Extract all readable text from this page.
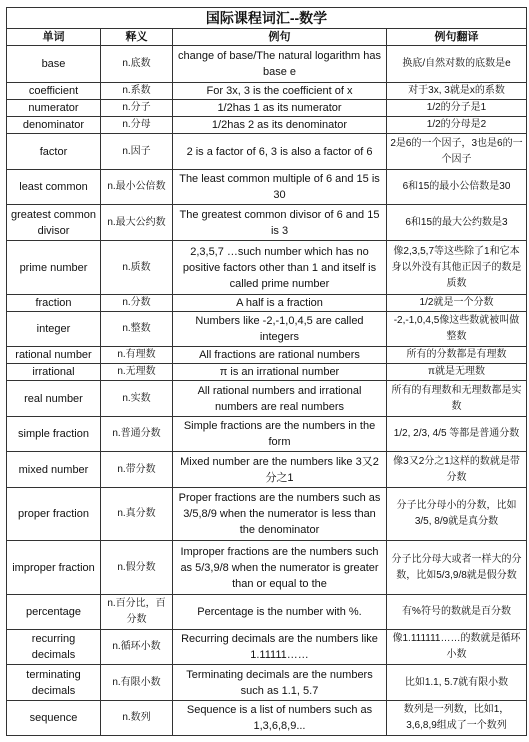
国际课程词汇--数学			
单词	释义	例句	例句翻译
base	n.底数	change of base/The natural logarithm has base e	换底/自然对数的底数是e
coefficient	n.系数	For 3x, 3 is the coefficient of x	对于3x, 3就是x的系数
numerator	n.分子	1/2has 1 as its numerator	1/2的分子是1
denominator	n.分母	1/2has 2 as its denominator	1/2的分母是2
factor	n.因子	2 is a factor of 6, 3 is also a factor of 6	2是6的一个因子，3也是6的一个因子
least common	n.最小公倍数	The least common multiple of 6 and 15 is 30	6和15的最小公倍数是30
greatest common divisor	n.最大公约数	The greatest common divisor of 6 and 15 is 3	6和15的最大公约数是3
prime number	n.质数	2,3,5,7 …such number which has no positive factors other than 1 and itself is called prime number	像2,3,5,7等这些除了1和它本身以外没有其他正因子的数是质数
fraction	n.分数	A half is a fraction	1/2就是一个分数
integer	n.整数	Numbers like -2,-1,0,4,5 are called integers	-2,-1,0,4,5像这些数就被叫做整数
rational number	n.有理数	All fractions are rational numbers	所有的分数都是有理数
irrational	n.无理数	π is an irrational number	π就是无理数
real number	n.实数	All rational numbers and irrational numbers are real numbers	所有的有理数和无理数都是实数
simple fraction	n.普通分数	Simple fractions are the numbers in the form	1/2, 2/3, 4/5 等都是普通分数
mixed number	n.带分数	Mixed number are the numbers like 3又2分之1	像3又2分之1这样的数就是带分数
proper fraction	n.真分数	Proper fractions are the numbers such as 3/5,8/9 when the numerator is less than the denominator	分子比分母小的分数，比如3/5, 8/9就是真分数
improper fraction	n.假分数	Improper fractions are the numbers such as 5/3,9/8 when the numerator is greater than or equal to the	分子比分母大或者一样大的分数，比如5/3,9/8就是假分数
percentage	n.百分比，百分数	Percentage is the number with %.	有%符号的数就是百分数
recurring decimals	n.循环小数	Recurring decimals are the numbers like 1.11111……	像1.111111……的数就是循环小数
terminating decimals	n.有限小数	Terminating decimals are the numbers such as 1.1, 5.7	比如1.1, 5.7就有限小数
sequence	n.数列	Sequence is a list of numbers such as 1,3,6,8,9...	数列是一列数，比如1，3,6,8,9组成了一个数列
